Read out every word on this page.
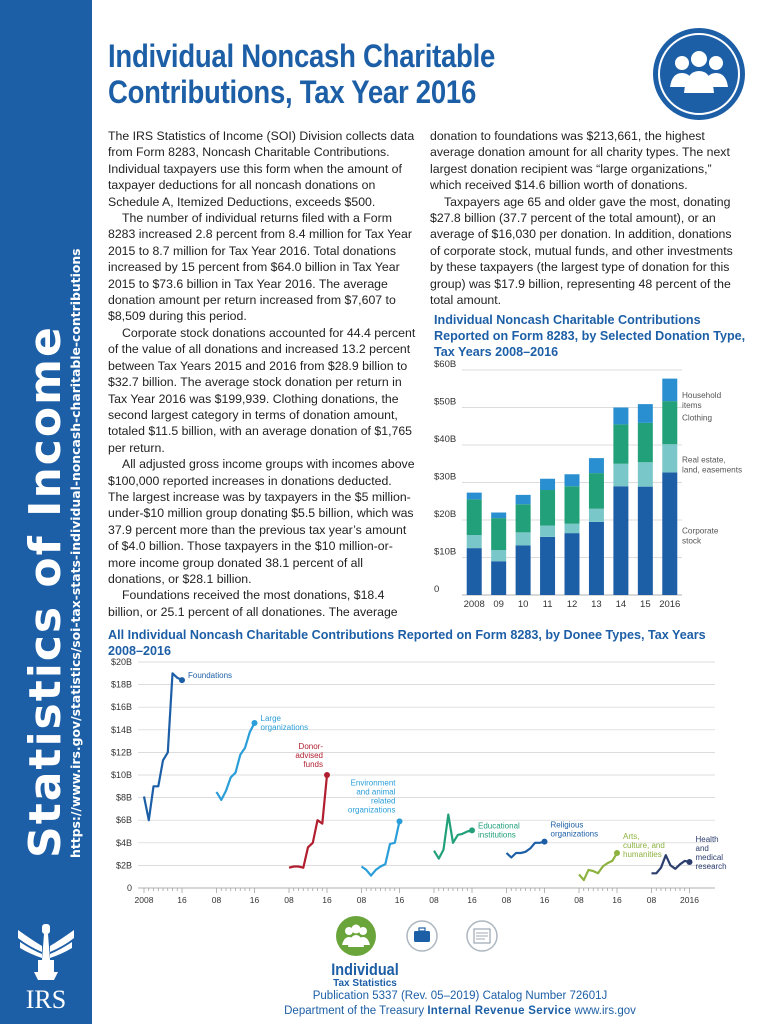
Statistics of Income
https://www.irs.gov/statistics/soi-tax-stats-individual-noncash-charitable-contributions
IRS
Individual Noncash Charitable Contributions, Tax Year 2016

The IRS Statistics of Income (SOI) Division collects data from Form 8283, Noncash Charitable Contributions. Individual taxpayers use this form when the amount of taxpayer deductions for all noncash donations on Schedule A, Itemized Deductions, exceeds $500.

The number of individual returns filed with a Form 8283 increased 2.8 percent from 8.4 million for Tax Year 2015 to 8.7 million for Tax Year 2016. Total donations increased by 15 percent from $64.0 billion in Tax Year 2015 to $73.6 billion in Tax Year 2016. The average donation amount per return increased from $7,607 to $8,509 during this period.

Corporate stock donations accounted for 44.4 percent of the value of all donations and increased 13.2 percent between Tax Years 2015 and 2016 from $28.9 billion to $32.7 billion. The average stock donation per return in Tax Year 2016 was $199,939. Clothing donations, the second largest category in terms of donation amount, totaled $11.5 billion, with an average donation of $1,765 per return.

All adjusted gross income groups with incomes above $100,000 reported increases in donations deducted. The largest increase was by taxpayers in the $5 million-under-$10 million group donating $5.5 billion, which was 37.9 percent more than the previous tax year’s amount of $4.0 billion. Those taxpayers in the $10 million-or-more income group donated 38.1 percent of all donations, or $28.1 billion.

Foundations received the most donations, $18.4 billion, or 25.1 percent of all donationes. The average

donation to foundations was $213,661, the highest average donation amount for all charity types. The next largest donation recipient was “large organizations,” which received $14.6 billion worth of donations.

Taxpayers age 65 and older gave the most, donating $27.8 billion (37.7 percent of the total amount), or an average of $16,030 per donation. In addition, donations of corporate stock, mutual funds, and other investments by these taxpayers (the largest type of donation for this group) was $17.9 billion, representing 48 percent of the total amount.

Individual Noncash Charitable Contributions Reported on Form 8283, by Selected Donation Type, Tax Years 2008–2016
0
$10B
$20B
$30B
$40B
$50B
$60B
2008 09 10 11 12 13 14 15 2016
Corporate stock
Real estate, land, easements
Clothing
Household items
All Individual Noncash Charitable Contributions Reported on Form 8283, by Donee Types, Tax Years 2008–2016
0
$2B
$4B
$6B
$8B
$10B
$12B
$14B
$16B
$18B
$20B
2008	16	08	16	08	16	08	16	08	16	08	16	08	16	08	2016
Foundations
Large organizations
Donor-advised funds
Environment and animal related organizations
Educational institutions
Religious organizations	Arts, culture, and humanities
Health and medical research
Individual
Tax Statistics
Publication 5337 (Rev. 05–2019) Catalog Number 72601J
Department of the Treasury Internal Revenue Service www.irs.gov
